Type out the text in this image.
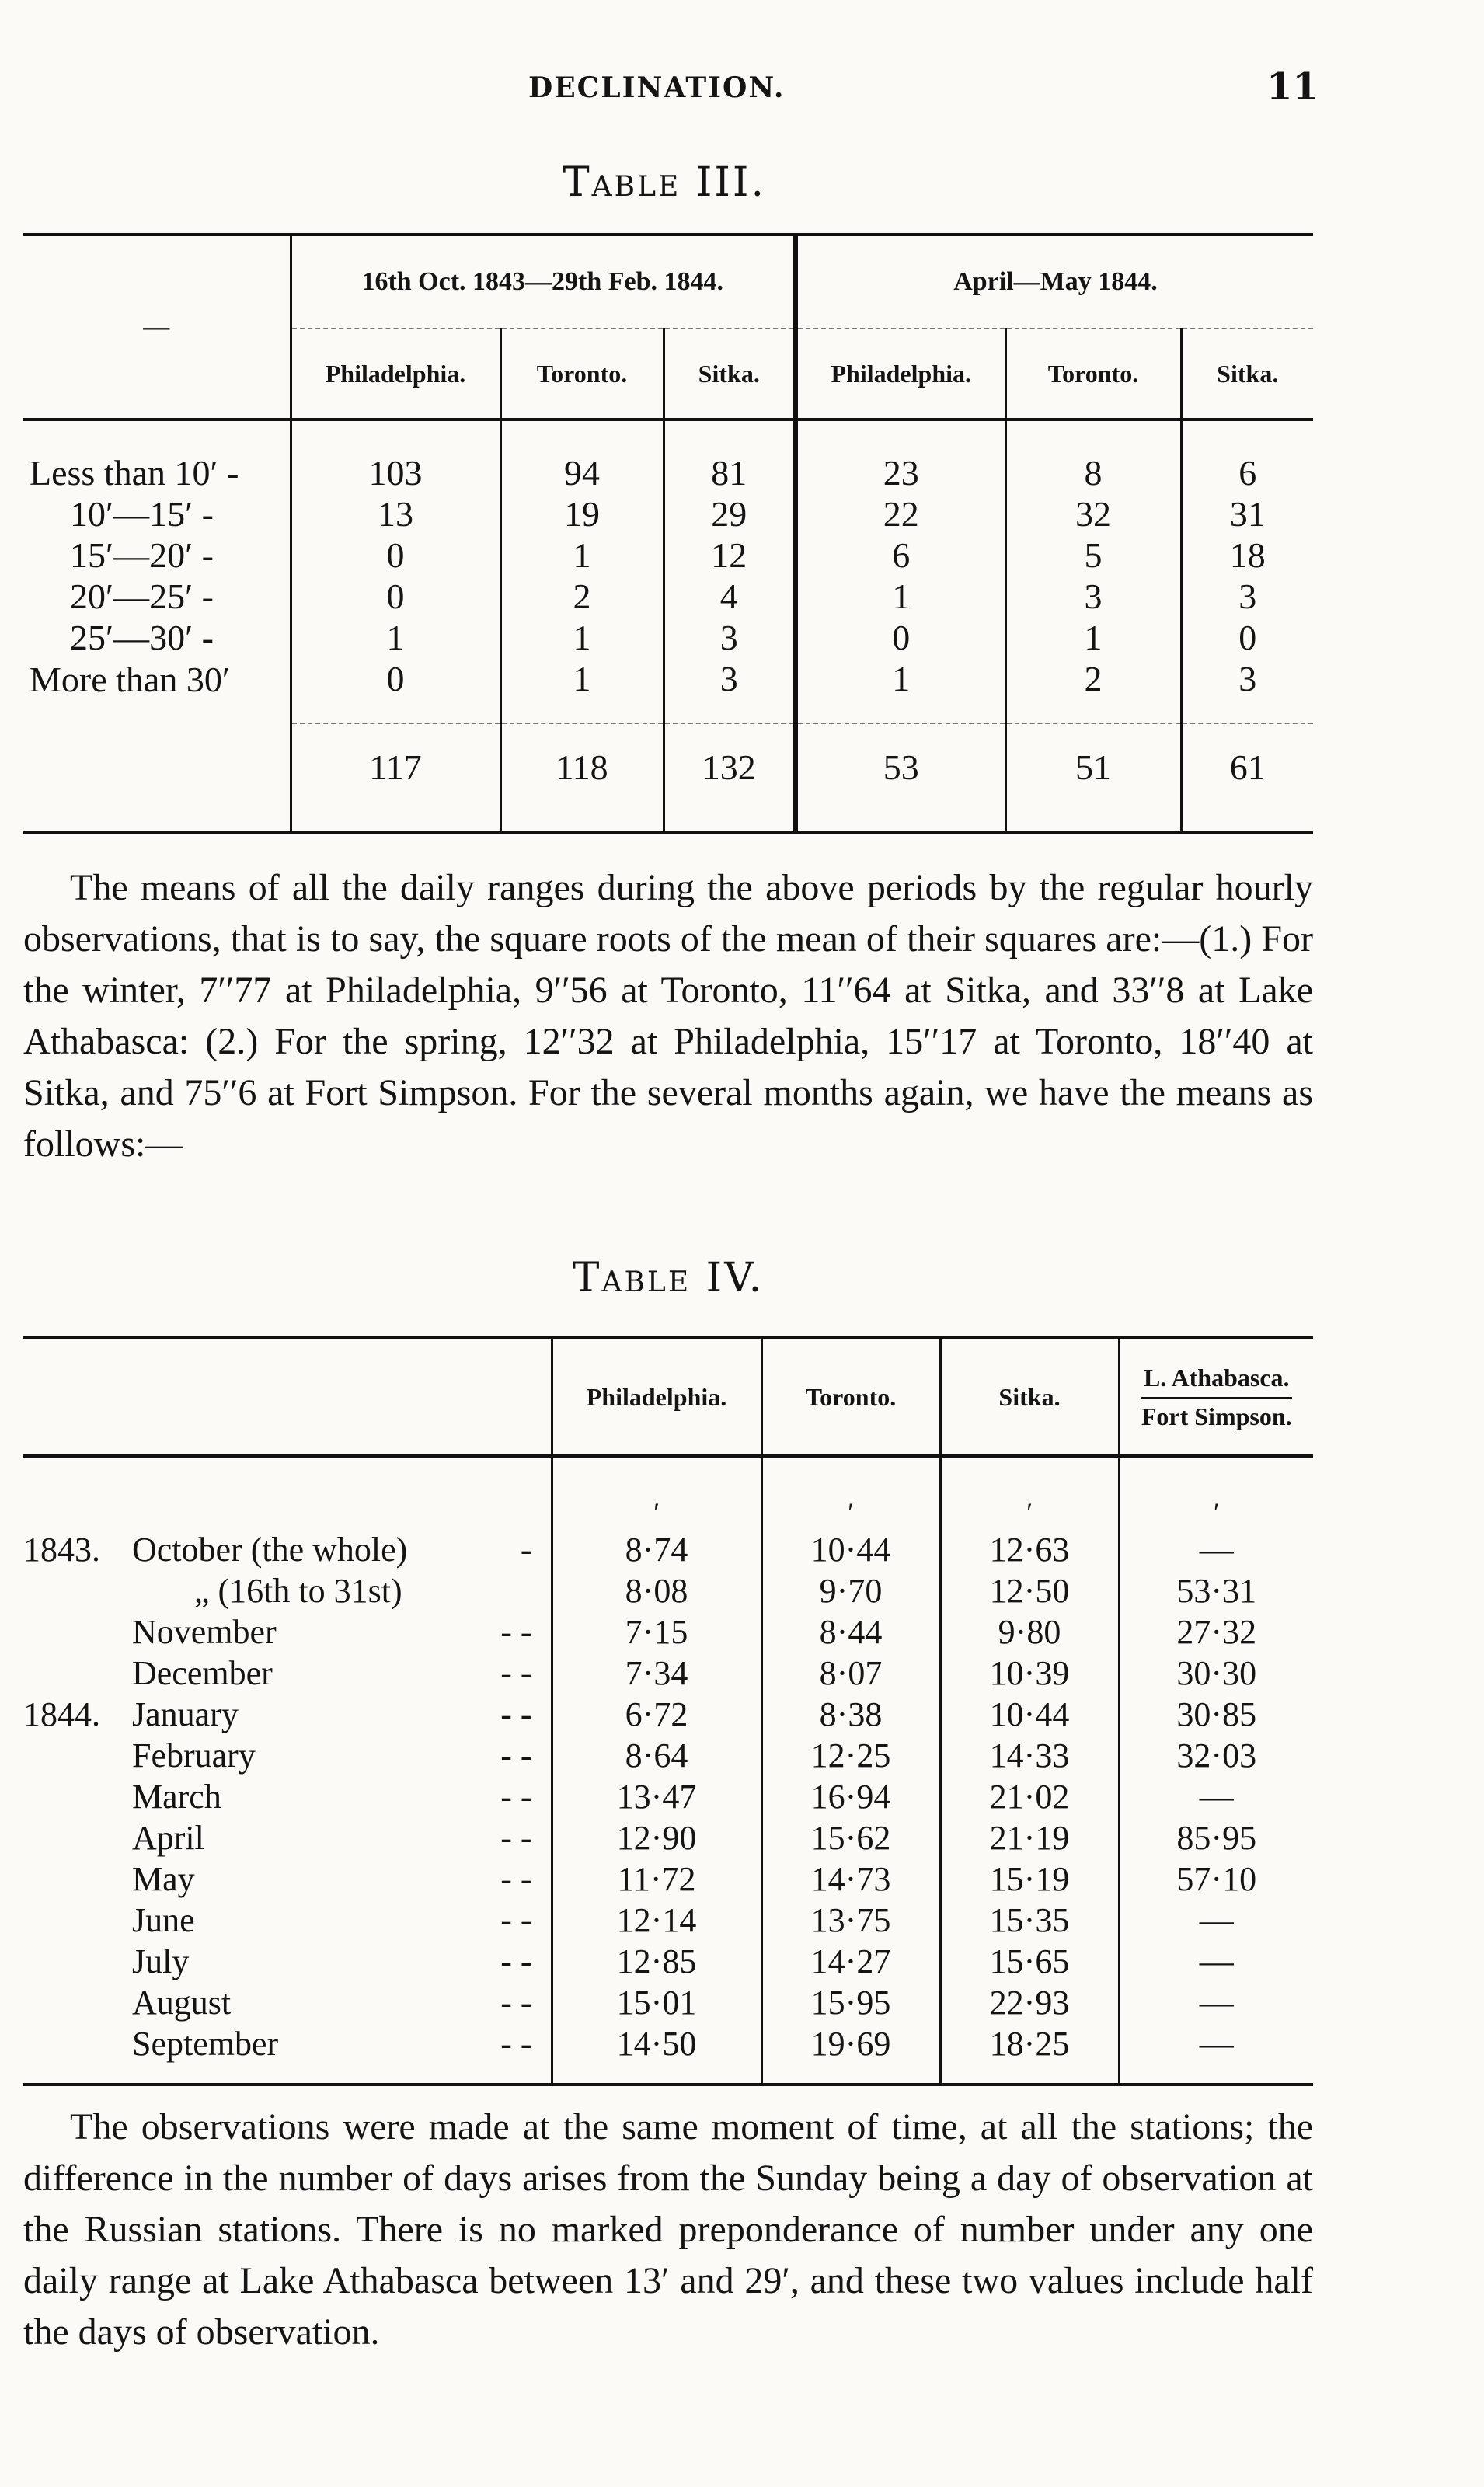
DECLINATION.	11
Table III.
—	16th Oct. 1843—29th Feb. 1844.			April—May 1844.		
	Philadelphia.	Toronto.	Sitka.	Philadelphia.	Toronto.	Sitka.

Less than 10′ -	103	94	81	23	8	6
10′—15′ -	13	19	29	22	32	31
15′—20′ -	0	1	12	6	5	18
20′—25′ -	0	2	4	1	3	3
25′—30′ -	1	1	3	0	1	0
More than 30′	0	1	3	1	2	3
	117	118	132	53	51	61

The means of all the daily ranges during the above periods by the regular hourly observations, that is to say, the square roots of the mean of their squares are:—(1.) For the winter, 7′′77 at Philadelphia, 9′′56 at Toronto, 11′′64 at Sitka, and 33′′8 at Lake Athabasca: (2.) For the spring, 12′′32 at Philadelphia, 15′′17 at Toronto, 18′′40 at Sitka, and 75′′6 at Fort Simpson. For the several months again, we have the means as follows:—

Table IV.
		Philadelphia.	Toronto.	Sitka.	L. Athabasca.
Fort Simpson.
		′	′	′	′
1843.	October (the whole) -	8·74	10·44	12·63	—
	„ (16th to 31st)	8·08	9·70	12·50	53·31
	November - -	7·15	8·44	9·80	27·32
	December - -	7·34	8·07	10·39	30·30
1844.	January - -	6·72	8·38	10·44	30·85
	February - -	8·64	12·25	14·33	32·03
	March - -	13·47	16·94	21·02	—
	April - -	12·90	15·62	21·19	85·95
	May - -	11·72	14·73	15·19	57·10
	June - -	12·14	13·75	15·35	—
	July - -	12·85	14·27	15·65	—
	August - -	15·01	15·95	22·93	—
	September - -	14·50	19·69	18·25	—

The observations were made at the same moment of time, at all the stations; the difference in the number of days arises from the Sunday being a day of observation at the Russian stations. There is no marked preponderance of number under any one daily range at Lake Athabasca between 13′ and 29′, and these two values include half the days of observation.
